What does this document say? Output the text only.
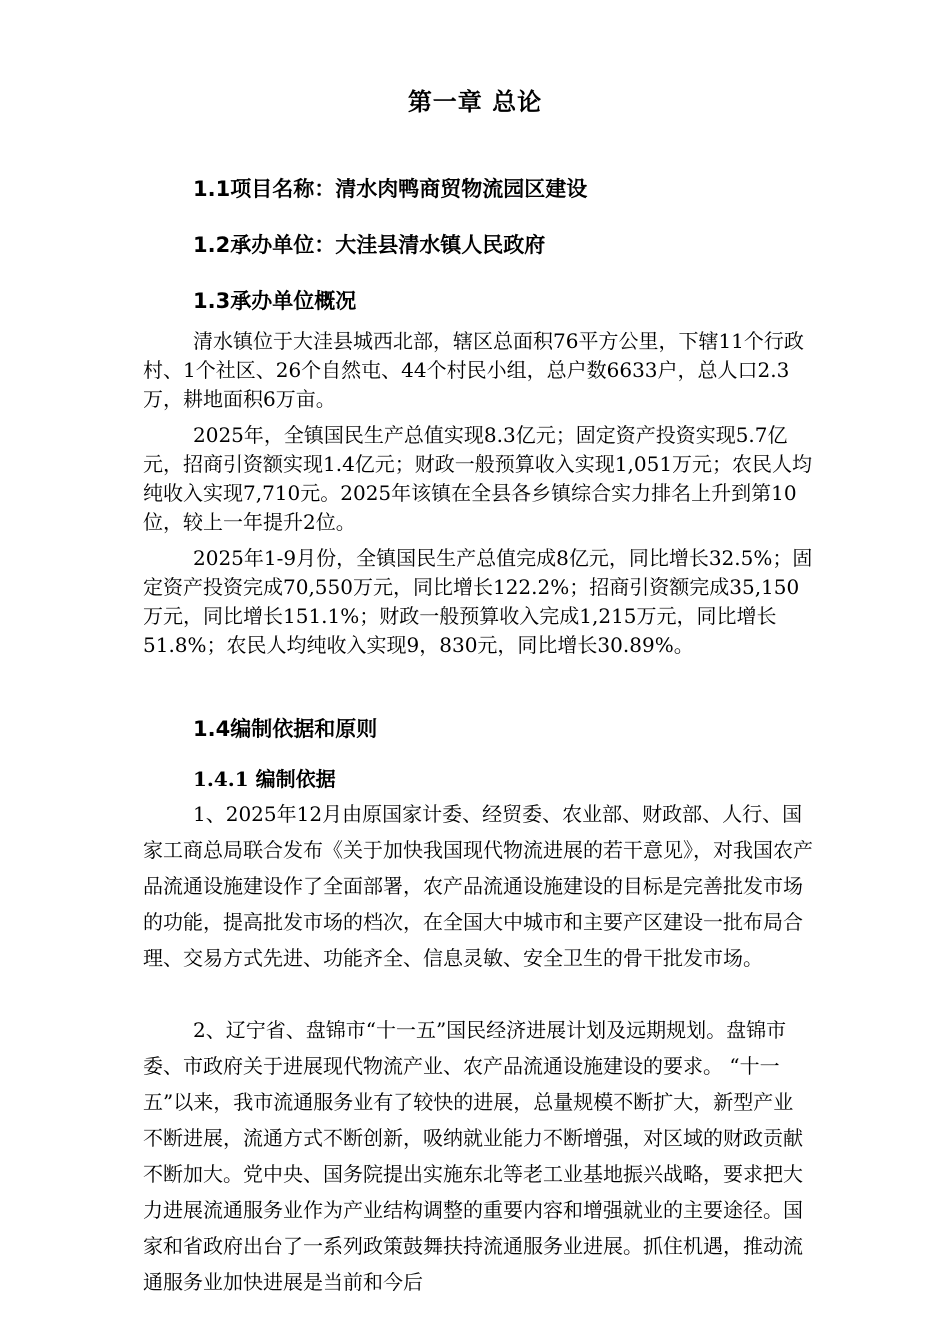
第一章 总论
1.1项目名称：清水肉鸭商贸物流园区建设
1.2承办单位：大洼县清水镇人民政府
1.3承办单位概况

清水镇位于大洼县城西北部，辖区总面积76平方公里，下辖11个行政村、1个社区、26个自然屯、44个村民小组，总户数6633户，总人口2.3万，耕地面积6万亩。

2025年，全镇国民生产总值实现8.3亿元；固定资产投资实现5.7亿元，招商引资额实现1.4亿元；财政一般预算收入实现1,051万元；农民人均纯收入实现7,710元。2025年该镇在全县各乡镇综合实力排名上升到第10位，较上一年提升2位。

2025年1-9月份，全镇国民生产总值完成8亿元，同比增长32.5%；固定资产投资完成70,550万元，同比增长122.2%；招商引资额完成35,150万元，同比增长151.1%；财政一般预算收入完成1,215万元，同比增长51.8%；农民人均纯收入实现9，830元，同比增长30.89%。

1.4编制依据和原则
1.4.1 编制依据

1、2025年12月由原国家计委、经贸委、农业部、财政部、人行、国家工商总局联合发布《关于加快我国现代物流进展的若干意见》，对我国农产品流通设施建设作了全面部署，农产品流通设施建设的目标是完善批发市场的功能，提高批发市场的档次，在全国大中城市和主要产区建设一批布局合理、交易方式先进、功能齐全、信息灵敏、安全卫生的骨干批发市场。

2、辽宁省、盘锦市“十一五”国民经济进展计划及远期规划。盘锦市委、市政府关于进展现代物流产业、农产品流通设施建设的要求。 “十一五”以来，我市流通服务业有了较快的进展，总量规模不断扩大，新型产业不断进展，流通方式不断创新，吸纳就业能力不断增强，对区域的财政贡献不断加大。党中央、国务院提出实施东北等老工业基地振兴战略，要求把大力进展流通服务业作为产业结构调整的重要内容和增强就业的主要途径。国家和省政府出台了一系列政策鼓舞扶持流通服务业进展。抓住机遇，推动流通服务业加快进展是当前和今后
